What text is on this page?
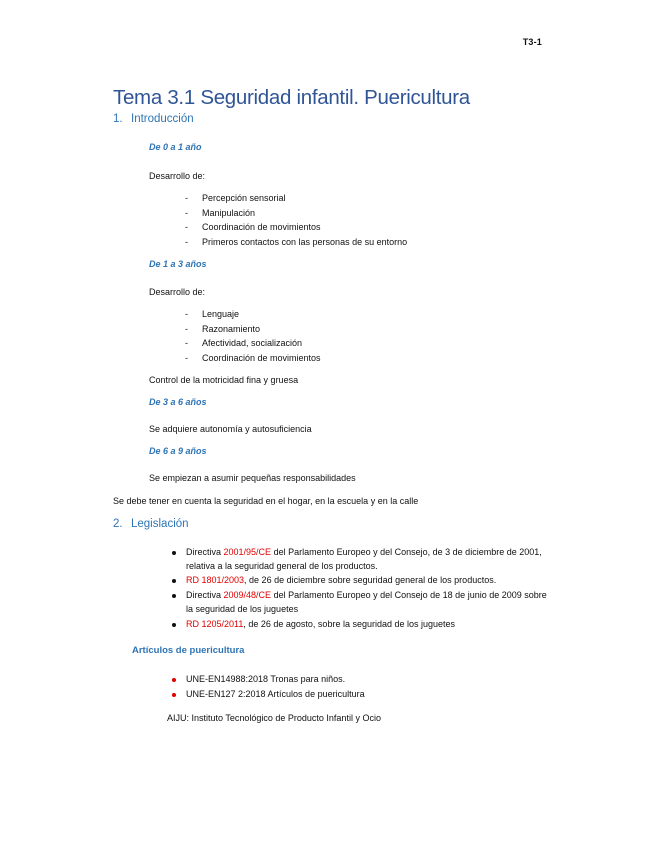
T3-1
Tema 3.1 Seguridad infantil. Puericultura
1. Introducción
De 0 a 1 año
Desarrollo de:
- Percepción sensorial
- Manipulación
- Coordinación de movimientos
- Primeros contactos con las personas de su entorno
De 1 a 3 años
Desarrollo de:
- Lenguaje
- Razonamiento
- Afectividad, socialización
- Coordinación de movimientos
Control de la motricidad fina y gruesa
De 3 a 6 años
Se adquiere autonomía y autosuficiencia
De 6 a 9 años
Se empiezan a asumir pequeñas responsabilidades
Se debe tener en cuenta la seguridad en el hogar, en la escuela y en la calle
2. Legislación
Directiva 2001/95/CE del Parlamento Europeo y del Consejo, de 3 de diciembre de 2001, relativa a la seguridad general de los productos.
RD 1801/2003, de 26 de diciembre sobre seguridad general de los productos.
Directiva 2009/48/CE del Parlamento Europeo y del Consejo de 18 de junio de 2009 sobre la seguridad de los juguetes
RD 1205/2011, de 26 de agosto, sobre la seguridad de los juguetes
Artículos de puericultura
UNE-EN14988:2018 Tronas para niños.
UNE-EN127 2:2018 Artículos de puericultura
AIJU: Instituto Tecnológico de Producto Infantil y Ocio
